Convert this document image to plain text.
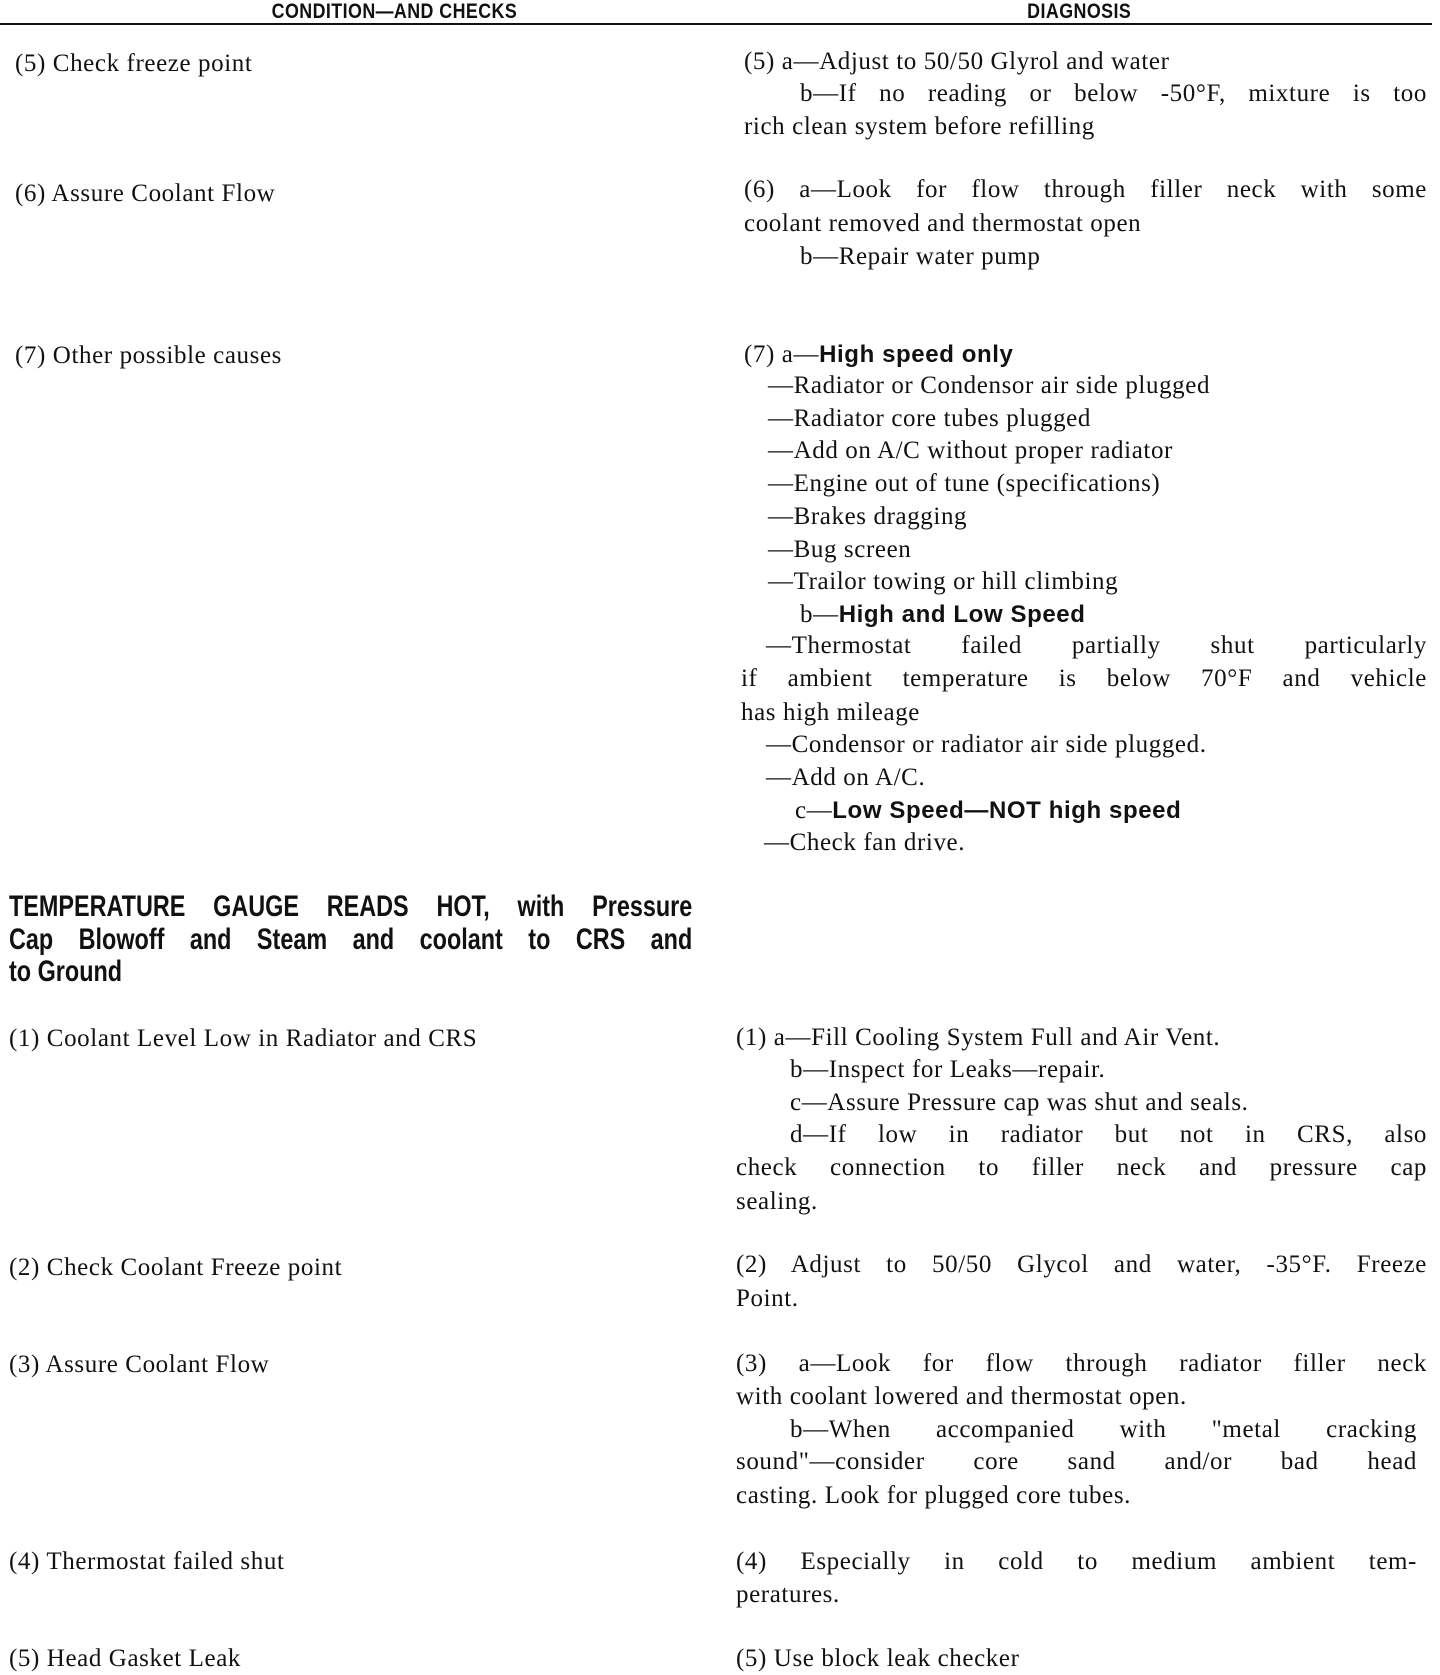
CONDITION—AND CHECKS	DIAGNOSIS
(5) Check freeze point	(5) a—Adjust to 50/50 Glyrol and water
b—If no reading or below -50°F, mixture is too
rich clean system before refilling
(6) Assure Coolant Flow	(6) a—Look for flow through filler neck with some
coolant removed and thermostat open
b—Repair water pump
(7) Other possible causes	(7) a—High speed only
—Radiator or Condensor air side plugged
—Radiator core tubes plugged
—Add on A/C without proper radiator
—Engine out of tune (specifications)
—Brakes dragging
—Bug screen
—Trailor towing or hill climbing
b—High and Low Speed
—Thermostat failed partially shut particularly
if ambient temperature is below 70°F and vehicle
has high mileage
—Condensor or radiator air side plugged.
—Add on A/C.
c—Low Speed—NOT high speed
—Check fan drive.
TEMPERATURE GAUGE READS HOT, with Pressure
Cap Blowoff and Steam and coolant to CRS and
to Ground
(1) Coolant Level Low in Radiator and CRS	(1) a—Fill Cooling System Full and Air Vent.
b—Inspect for Leaks—repair.
c—Assure Pressure cap was shut and seals.
d—If low in radiator but not in CRS, also
check connection to filler neck and pressure cap
sealing.
(2) Check Coolant Freeze point	(2) Adjust to 50/50 Glycol and water, -35°F. Freeze
Point.
(3) Assure Coolant Flow	(3) a—Look for flow through radiator filler neck
with coolant lowered and thermostat open.
b—When accompanied with "metal cracking
sound"—consider core sand and/or bad head
casting. Look for plugged core tubes.
(4) Thermostat failed shut	(4) Especially in cold to medium ambient tem-
peratures.
(5) Head Gasket Leak	(5) Use block leak checker
